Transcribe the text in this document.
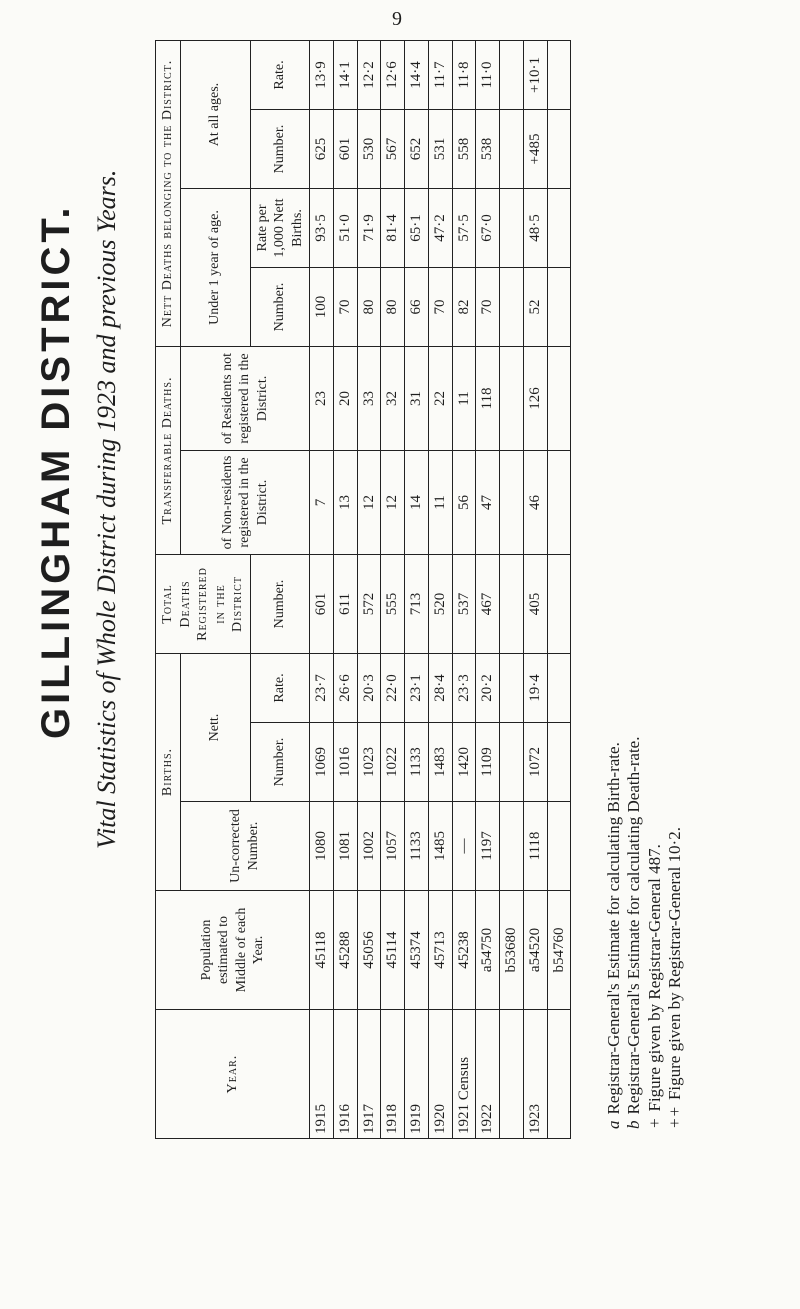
9
GILLINGHAM DISTRICT. Vital Statistics of Whole District during 1923 and previous Years.
Year.	Population estimated to Middle of each Year.	Births.			Total Deaths Registered in the District	Transferable Deaths.		Nett Deaths belonging to the District.			
		Un-corrected Number.	Nett.			of Non-residents registered in the District.	of Residents not registered in the District.	Under 1 year of age.		At all ages.	
			Number.	Rate.	Number.			Number.	Rate per 1,000 Nett Births.	Number.	Rate.
1915	45118	1080	1069	23·7	601	7	23	100	93·5	625	13·9
1916	45288	1081	1016	26·6	611	13	20	70	51·0	601	14·1
1917	45056	1002	1023	20·3	572	12	33	80	71·9	530	12·2
1918	45114	1057	1022	22·0	555	12	32	80	81·4	567	12·6
1919	45374	1133	1133	23·1	713	14	31	66	65·1	652	14·4
1920	45713	1485	1483	28·4	520	11	22	70	47·2	531	11·7
1921 Census	45238	—	1420	23·3	537	56	11	82	57·5	558	11·8
1922	a54750	1197	1109	20·2	467	47	118	70	67·0	538	11·0
	b53680										
1923	a54520	1118	1072	19·4	405	46	126	52	48·5	+485	+10·1
	b54760										
aRegistrar-General's Estimate for calculating Birth-rate.
bRegistrar-General's Estimate for calculating Death-rate.
+Figure given by Registrar-General 487.
++Figure given by Registrar-General 10·2.
